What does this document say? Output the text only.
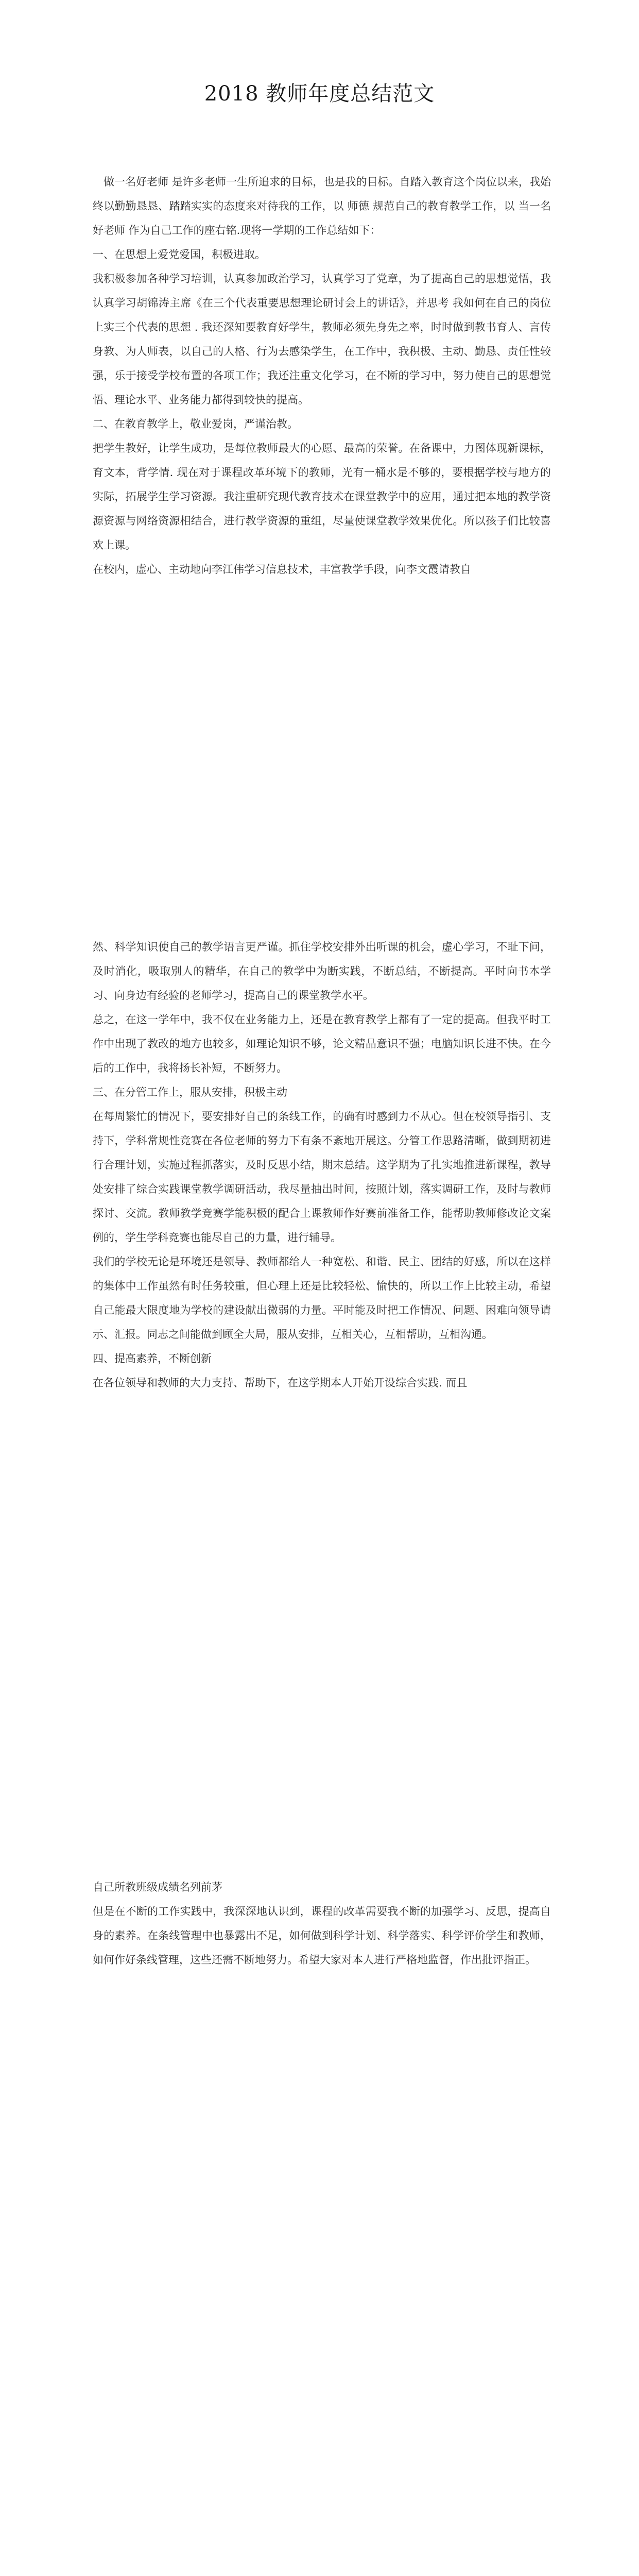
2018 教师年度总结范文

做一名好老师 是许多老师一生所追求的目标，也是我的目标。自踏入教育这个岗位以来，我始终以勤勤恳恳、踏踏实实的态度来对待我的工作，以 师德 规范自己的教育教学工作，以 当一名好老师 作为自己工作的座右铭.现将一学期的工作总结如下：

一、在思想上爱党爱国，积极进取。

我积极参加各种学习培训，认真参加政治学习，认真学习了党章，为了提高自己的思想觉悟，我认真学习胡锦涛主席《在三个代表重要思想理论研讨会上的讲话》，并思考 我如何在自己的岗位上实三个代表的思想 . 我还深知要教育好学生，教师必须先身先之率，时时做到教书育人、言传身教、为人师表，以自己的人格、行为去感染学生，在工作中，我积极、主动、勤恳、责任性较强，乐于接受学校布置的各项工作；我还注重文化学习，在不断的学习中，努力使自己的思想觉悟、理论水平、业务能力都得到较快的提高。

二、在教育教学上，敬业爱岗，严谨治教。

把学生教好，让学生成功，是每位教师最大的心愿、最高的荣誉。在备课中，力图体现新课标，育文本，背学情. 现在对于课程改革环境下的教师，光有一桶水是不够的，要根据学校与地方的实际，拓展学生学习资源。我注重研究现代教育技术在课堂教学中的应用，通过把本地的教学资源资源与网络资源相结合，进行教学资源的重组，尽量使课堂教学效果优化。所以孩子们比较喜欢上课。

在校内，虚心、主动地向李江伟学习信息技术，丰富教学手段，向李文霞请教自

然、科学知识使自己的教学语言更严谨。抓住学校安排外出听课的机会，虚心学习，不耻下问，及时消化，吸取别人的精华，在自己的教学中为断实践，不断总结，不断提高。平时向书本学习、向身边有经验的老师学习，提高自己的课堂教学水平。

总之，在这一学年中，我不仅在业务能力上，还是在教育教学上都有了一定的提高。但我平时工作中出现了教改的地方也较多，如理论知识不够，论文精品意识不强；电脑知识长进不快。在今后的工作中，我将扬长补短，不断努力。

三、在分管工作上，服从安排，积极主动

在每周繁忙的情况下，要安排好自己的条线工作，的确有时感到力不从心。但在校领导指引、支持下，学科常规性竞赛在各位老师的努力下有条不紊地开展这。分管工作思路清晰，做到期初进行合理计划，实施过程抓落实，及时反思小结，期末总结。这学期为了扎实地推进新课程，教导处安排了综合实践课堂教学调研活动，我尽量抽出时间，按照计划，落实调研工作，及时与教师探讨、交流。教师教学竞赛学能积极的配合上课教师作好赛前准备工作，能帮助教师修改论文案例的，学生学科竞赛也能尽自己的力量，进行辅导。

我们的学校无论是环境还是领导、教师都给人一种宽松、和谐、民主、团结的好感，所以在这样的集体中工作虽然有时任务较重，但心理上还是比较轻松、愉快的，所以工作上比较主动，希望自己能最大限度地为学校的建设献出微弱的力量。平时能及时把工作情况、问题、困难向领导请示、汇报。同志之间能做到顾全大局，服从安排，互相关心，互相帮助，互相沟通。

四、提高素养，不断创新

在各位领导和教师的大力支持、帮助下，在这学期本人开始开设综合实践. 而且

自己所教班级成绩名列前茅

但是在不断的工作实践中，我深深地认识到，课程的改革需要我不断的加强学习、反思，提高自身的素养。在条线管理中也暴露出不足，如何做到科学计划、科学落实、科学评价学生和教师，如何作好条线管理，这些还需不断地努力。希望大家对本人进行严格地监督，作出批评指正。
